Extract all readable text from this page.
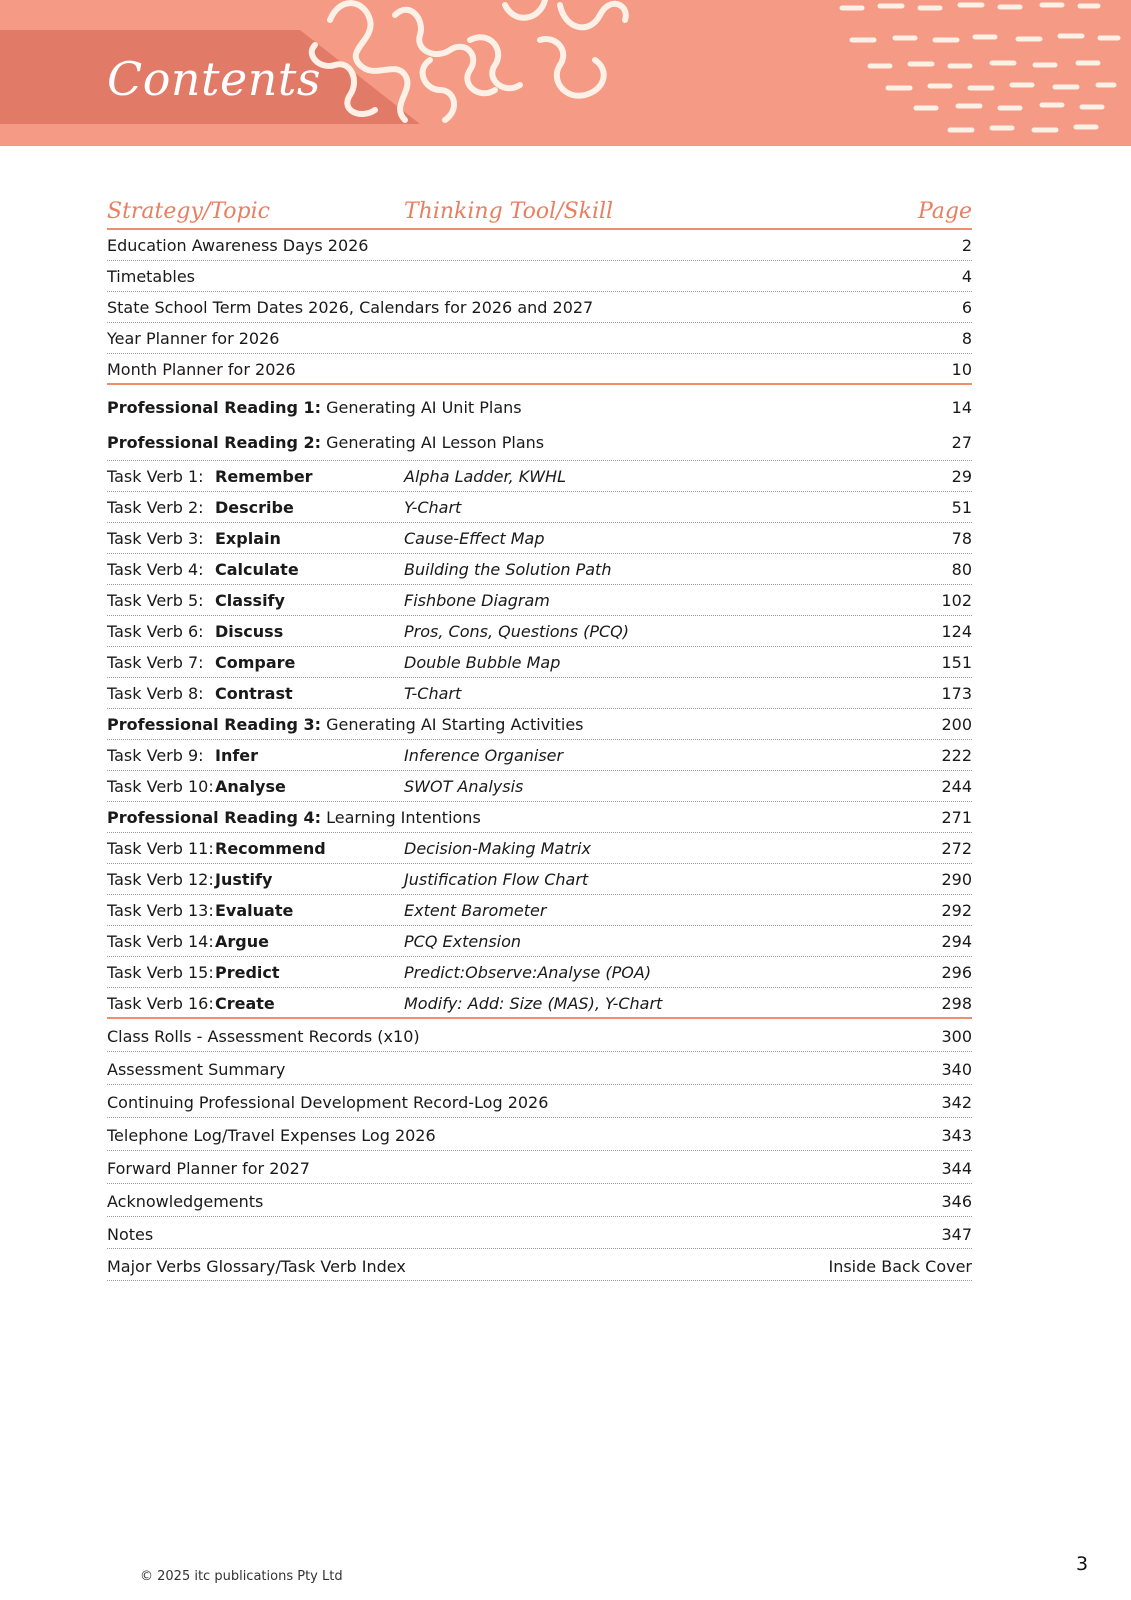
Contents
Strategy/Topic	Thinking Tool/Skill	Page
Education Awareness Days 2026	2
Timetables	4
State School Term Dates 2026, Calendars for 2026 and 2027	6
Year Planner for 2026	8
Month Planner for 2026	10
Professional Reading 1: Generating AI Unit Plans	14
Professional Reading 2: Generating AI Lesson Plans	27
Task Verb 1: Remember	Alpha Ladder, KWHL	29
Task Verb 2: Describe	Y-Chart	51
Task Verb 3: Explain	Cause-Effect Map	78
Task Verb 4: Calculate	Building the Solution Path	80
Task Verb 5: Classify	Fishbone Diagram	102
Task Verb 6: Discuss	Pros, Cons, Questions (PCQ)	124
Task Verb 7: Compare	Double Bubble Map	151
Task Verb 8: Contrast	T-Chart	173
Professional Reading 3: Generating AI Starting Activities	200
Task Verb 9: Infer	Inference Organiser	222
Task Verb 10: Analyse	SWOT Analysis	244
Professional Reading 4: Learning Intentions	271
Task Verb 11: Recommend	Decision-Making Matrix	272
Task Verb 12: Justify	Justification Flow Chart	290
Task Verb 13: Evaluate	Extent Barometer	292
Task Verb 14: Argue	PCQ Extension	294
Task Verb 15: Predict	Predict:Observe:Analyse (POA)	296
Task Verb 16: Create	Modify: Add: Size (MAS), Y-Chart	298
Class Rolls - Assessment Records (x10)	300
Assessment Summary	340
Continuing Professional Development Record-Log 2026	342
Telephone Log/Travel Expenses Log 2026	343
Forward Planner for 2027	344
Acknowledgements	346
Notes	347
Major Verbs Glossary/Task Verb Index	Inside Back Cover
© 2025 itc publications Pty Ltd
3
